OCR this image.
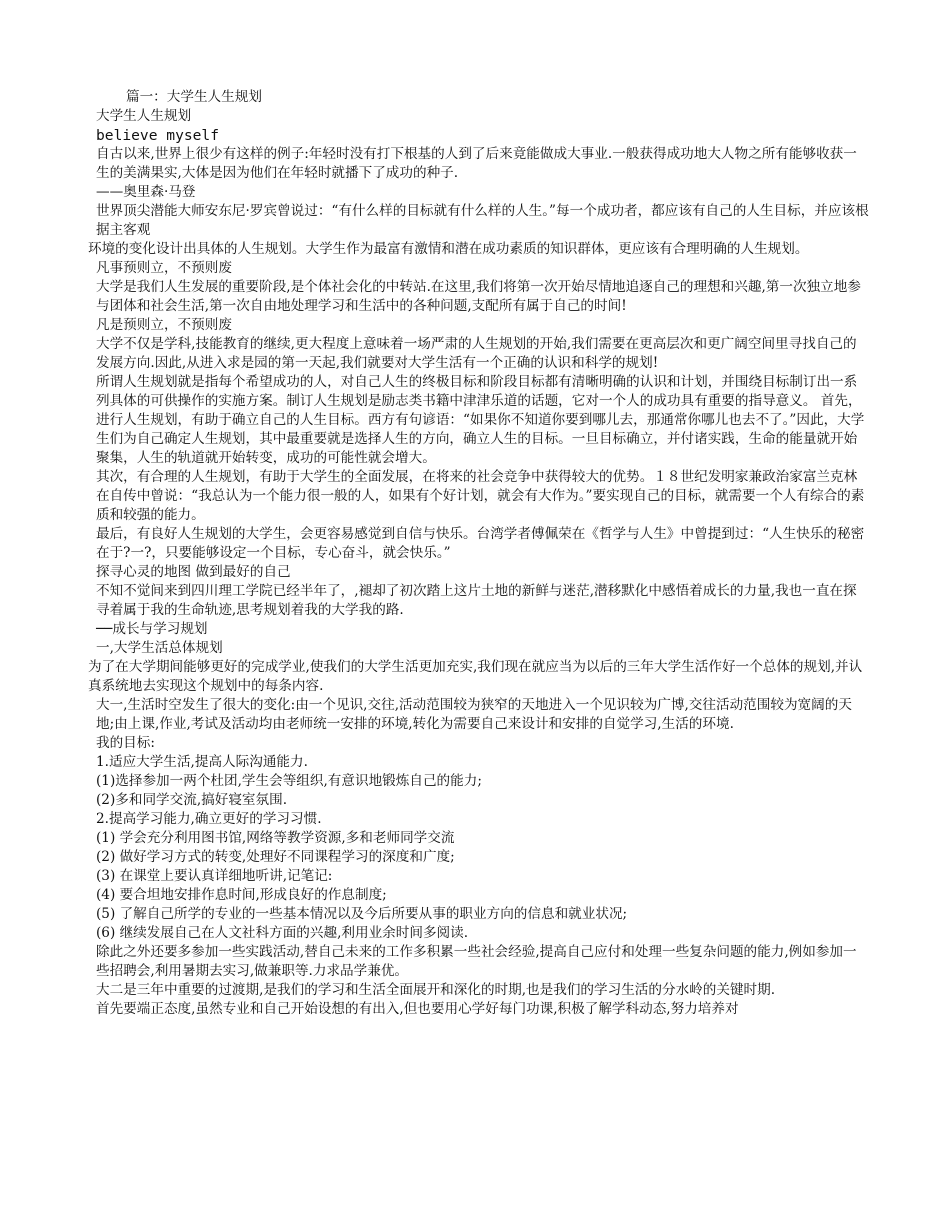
篇一：大学生人生规划

大学生人生规划

believe myself

自古以来,世界上很少有这样的例子:年轻时没有打下根基的人到了后来竟能做成大事业.一般获得成功地大人物之所有能够收获一生的美满果实,大体是因为他们在年轻时就播下了成功的种子.

——奥里森·马登

世界顶尖潜能大师安东尼·罗宾曾说过：“有什么样的目标就有什么样的人生。”每一个成功者，都应该有自己的人生目标，并应该根据主客观

环境的变化设计出具体的人生规划。大学生作为最富有激情和潜在成功素质的知识群体，更应该有合理明确的人生规划。

凡事预则立，不预则废

大学是我们人生发展的重要阶段,是个体社会化的中转站.在这里,我们将第一次开始尽情地追逐自己的理想和兴趣,第一次独立地参与团体和社会生活,第一次自由地处理学习和生活中的各种问题,支配所有属于自己的时间!

凡是预则立，不预则废

大学不仅是学科,技能教育的继续,更大程度上意味着一场严肃的人生规划的开始,我们需要在更高层次和更广阔空间里寻找自己的发展方向.因此,从进入求是园的第一天起,我们就要对大学生活有一个正确的认识和科学的规划!

所谓人生规划就是指每个希望成功的人，对自己人生的终极目标和阶段目标都有清晰明确的认识和计划，并围绕目标制订出一系列具体的可供操作的实施方案。制订人生规划是励志类书籍中津津乐道的话题，它对一个人的成功具有重要的指导意义。 首先，进行人生规划，有助于确立自己的人生目标。西方有句谚语：“如果你不知道你要到哪儿去，那通常你哪儿也去不了。”因此，大学生们为自己确定人生规划，其中最重要就是选择人生的方向，确立人生的目标。一旦目标确立，并付诸实践，生命的能量就开始聚集，人生的轨道就开始转变，成功的可能性就会增大。

其次，有合理的人生规划，有助于大学生的全面发展，在将来的社会竞争中获得较大的优势。１８世纪发明家兼政治家富兰克林在自传中曾说：“我总认为一个能力很一般的人，如果有个好计划，就会有大作为。”要实现自己的目标，就需要一个人有综合的素质和较强的能力。

最后，有良好人生规划的大学生，会更容易感觉到自信与快乐。台湾学者傅佩荣在《哲学与人生》中曾提到过：“人生快乐的秘密在于?一?，只要能够设定一个目标，专心奋斗，就会快乐。”

探寻心灵的地图 做到最好的自己

不知不觉间来到四川理工学院已经半年了，,褪却了初次踏上这片土地的新鲜与迷茫,潜移默化中感悟着成长的力量,我也一直在探寻着属于我的生命轨迹,思考规划着我的大学我的路.

──成长与学习规划

一,大学生活总体规划

为了在大学期间能够更好的完成学业,使我们的大学生活更加充实,我们现在就应当为以后的三年大学生活作好一个总体的规划,并认真系统地去实现这个规划中的每条内容.

大一,生活时空发生了很大的变化:由一个见识,交往,活动范围较为狭窄的天地进入一个见识较为广博,交往活动范围较为宽阔的天地;由上课,作业,考试及活动均由老师统一安排的环境,转化为需要自己来设计和安排的自觉学习,生活的环境.

我的目标:

1.适应大学生活,提高人际沟通能力.

(1)选择参加一两个杜团,学生会等组织,有意识地锻炼自己的能力;

(2)多和同学交流,搞好寝室氛围.

2.提高学习能力,确立更好的学习习惯.

(1) 学会充分利用图书馆,网络等教学资源,多和老师同学交流

(2) 做好学习方式的转变,处理好不同课程学习的深度和广度;

(3) 在课堂上要认真详细地听讲,记笔记:

(4) 要合坦地安排作息时间,形成良好的作息制度;

(5) 了解自己所学的专业的一些基本情况以及今后所要从事的职业方向的信息和就业状况;

(6) 继续发展自己在人文社科方面的兴趣,利用业余时间多阅读.

除此之外还要多参加一些实践活动,替自己未来的工作多积累一些社会经验,提高自己应付和处理一些复杂问题的能力,例如参加一些招聘会,利用暑期去实习,做兼职等.力求品学兼优。

大二是三年中重要的过渡期,是我们的学习和生活全面展开和深化的时期,也是我们的学习生活的分水岭的关键时期.

首先要端正态度,虽然专业和自己开始设想的有出入,但也要用心学好每门功课,积极了解学科动态,努力培养对
